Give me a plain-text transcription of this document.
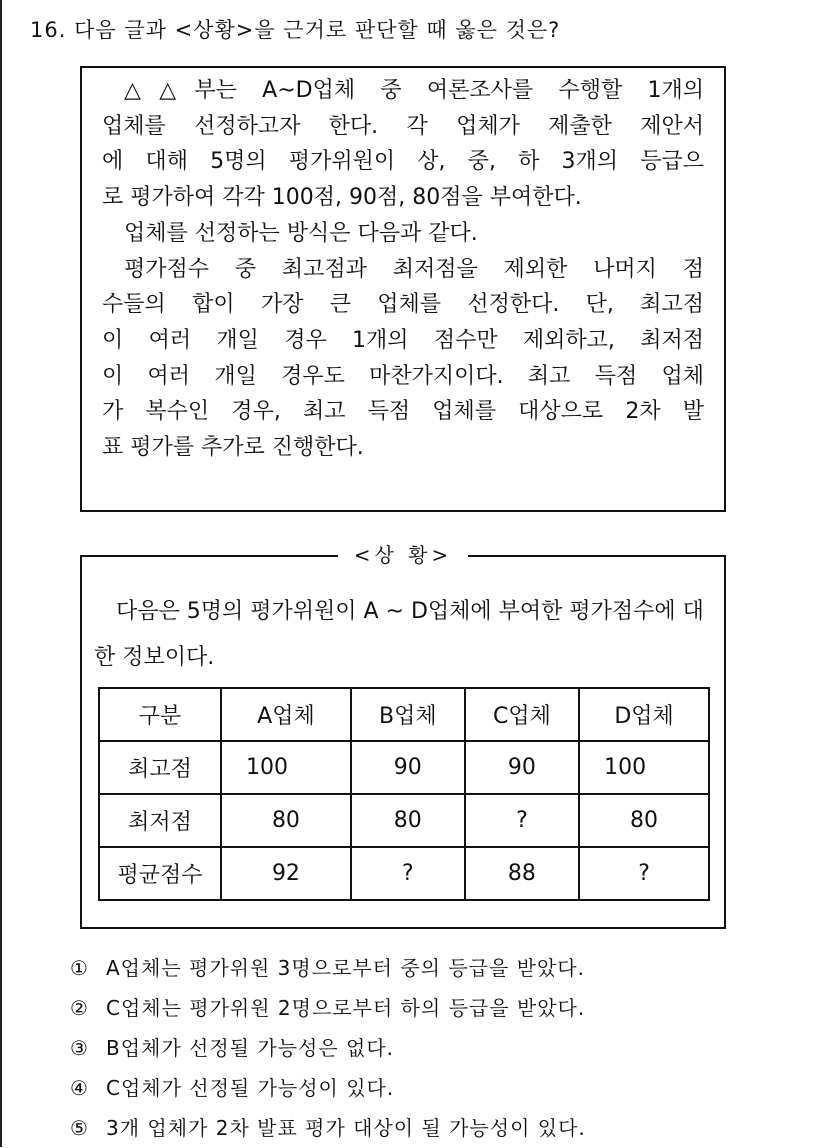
16. 다음 글과 <상황>을 근거로 판단할 때 옳은 것은?

△△부는 A~D업체 중 여론조사를 수행할 1개의

업체를 선정하고자 한다. 각 업체가 제출한 제안서

에 대해 5명의 평가위원이 상, 중, 하 3개의 등급으

로 평가하여 각각 100점, 90점, 80점을 부여한다.

업체를 선정하는 방식은 다음과 같다.

평가점수 중 최고점과 최저점을 제외한 나머지 점

수들의 합이 가장 큰 업체를 선정한다. 단, 최고점

이 여러 개일 경우 1개의 점수만 제외하고, 최저점

이 여러 개일 경우도 마찬가지이다. 최고 득점 업체

가 복수인 경우, 최고 득점 업체를 대상으로 2차 발

표 평가를 추가로 진행한다.

<상 황>

다음은 5명의 평가위원이 A ~ D업체에 부여한 평가점수에 대한 정보이다.

구분	A업체	B업체	C업체	D업체
최고점	100	90	90	100
최저점	80	80	?	80
평균점수	92	?	88	?
① A업체는 평가위원 3명으로부터 중의 등급을 받았다.
② C업체는 평가위원 2명으로부터 하의 등급을 받았다.
③ B업체가 선정될 가능성은 없다.
④ C업체가 선정될 가능성이 있다.
⑤ 3개 업체가 2차 발표 평가 대상이 될 가능성이 있다.
